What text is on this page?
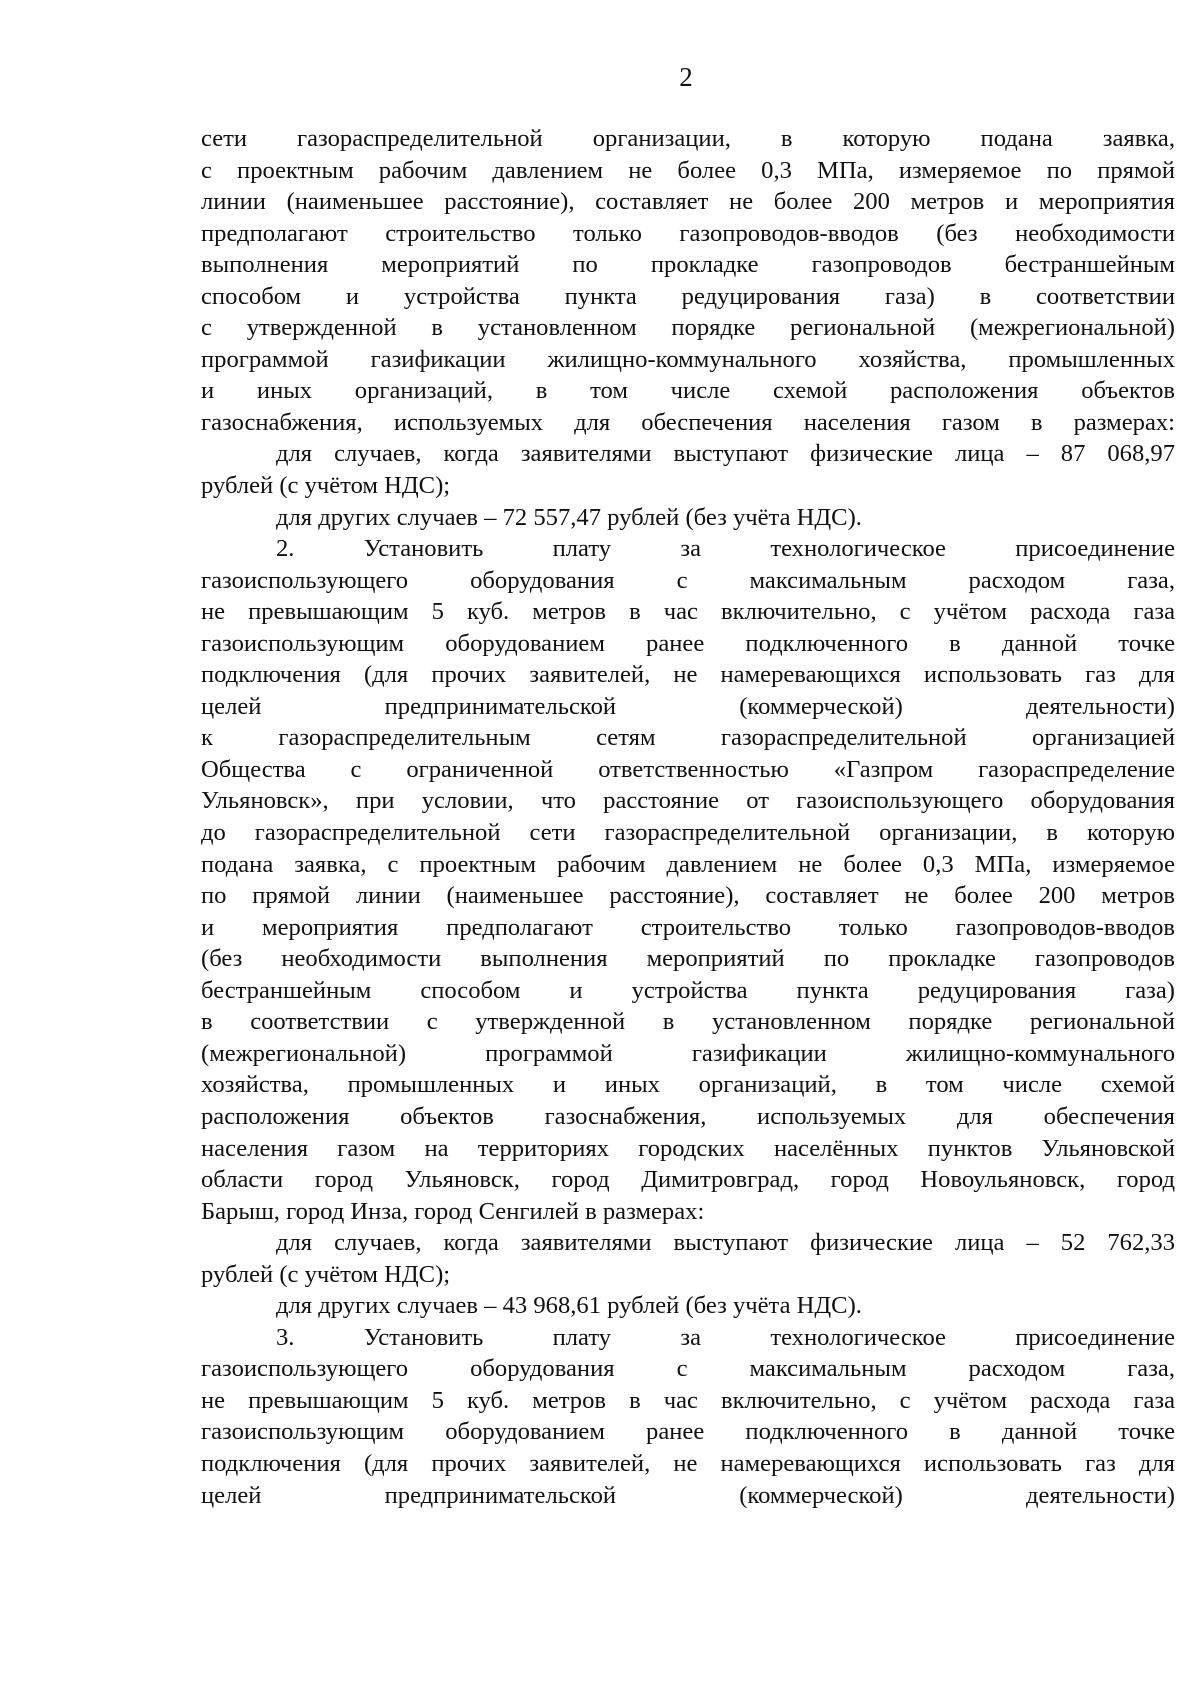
2
сети газораспределительной организации, в которую подана заявка,
с проектным рабочим давлением не более 0,3 МПа, измеряемое по прямой
линии (наименьшее расстояние), составляет не более 200 метров и мероприятия
предполагают строительство только газопроводов-вводов (без необходимости
выполнения мероприятий по прокладке газопроводов бестраншейным
способом и устройства пункта редуцирования газа) в соответствии
с утвержденной в установленном порядке региональной (межрегиональной)
программой газификации жилищно-коммунального хозяйства, промышленных
и иных организаций, в том числе схемой расположения объектов
газоснабжения, используемых для обеспечения населения газом в размерах:
для случаев, когда заявителями выступают физические лица – 87 068,97
рублей (с учётом НДС);
для других случаев – 72 557,47 рублей (без учёта НДС).
2. Установить плату за технологическое присоединение
газоиспользующего оборудования с максимальным расходом газа,
не превышающим 5 куб. метров в час включительно, с учётом расхода газа
газоиспользующим оборудованием ранее подключенного в данной точке
подключения (для прочих заявителей, не намеревающихся использовать газ для
целей предпринимательской (коммерческой) деятельности)
к газораспределительным сетям газораспределительной организацией
Общества с ограниченной ответственностью «Газпром газораспределение
Ульяновск», при условии, что расстояние от газоиспользующего оборудования
до газораспределительной сети газораспределительной организации, в которую
подана заявка, с проектным рабочим давлением не более 0,3 МПа, измеряемое
по прямой линии (наименьшее расстояние), составляет не более 200 метров
и мероприятия предполагают строительство только газопроводов-вводов
(без необходимости выполнения мероприятий по прокладке газопроводов
бестраншейным способом и устройства пункта редуцирования газа)
в соответствии с утвержденной в установленном порядке региональной
(межрегиональной) программой газификации жилищно-коммунального
хозяйства, промышленных и иных организаций, в том числе схемой
расположения объектов газоснабжения, используемых для обеспечения
населения газом на территориях городских населённых пунктов Ульяновской
области город Ульяновск, город Димитровград, город Новоульяновск, город
Барыш, город Инза, город Сенгилей в размерах:
для случаев, когда заявителями выступают физические лица – 52 762,33
рублей (с учётом НДС);
для других случаев – 43 968,61 рублей (без учёта НДС).
3. Установить плату за технологическое присоединение
газоиспользующего оборудования с максимальным расходом газа,
не превышающим 5 куб. метров в час включительно, с учётом расхода газа
газоиспользующим оборудованием ранее подключенного в данной точке
подключения (для прочих заявителей, не намеревающихся использовать газ для
целей предпринимательской (коммерческой) деятельности)
